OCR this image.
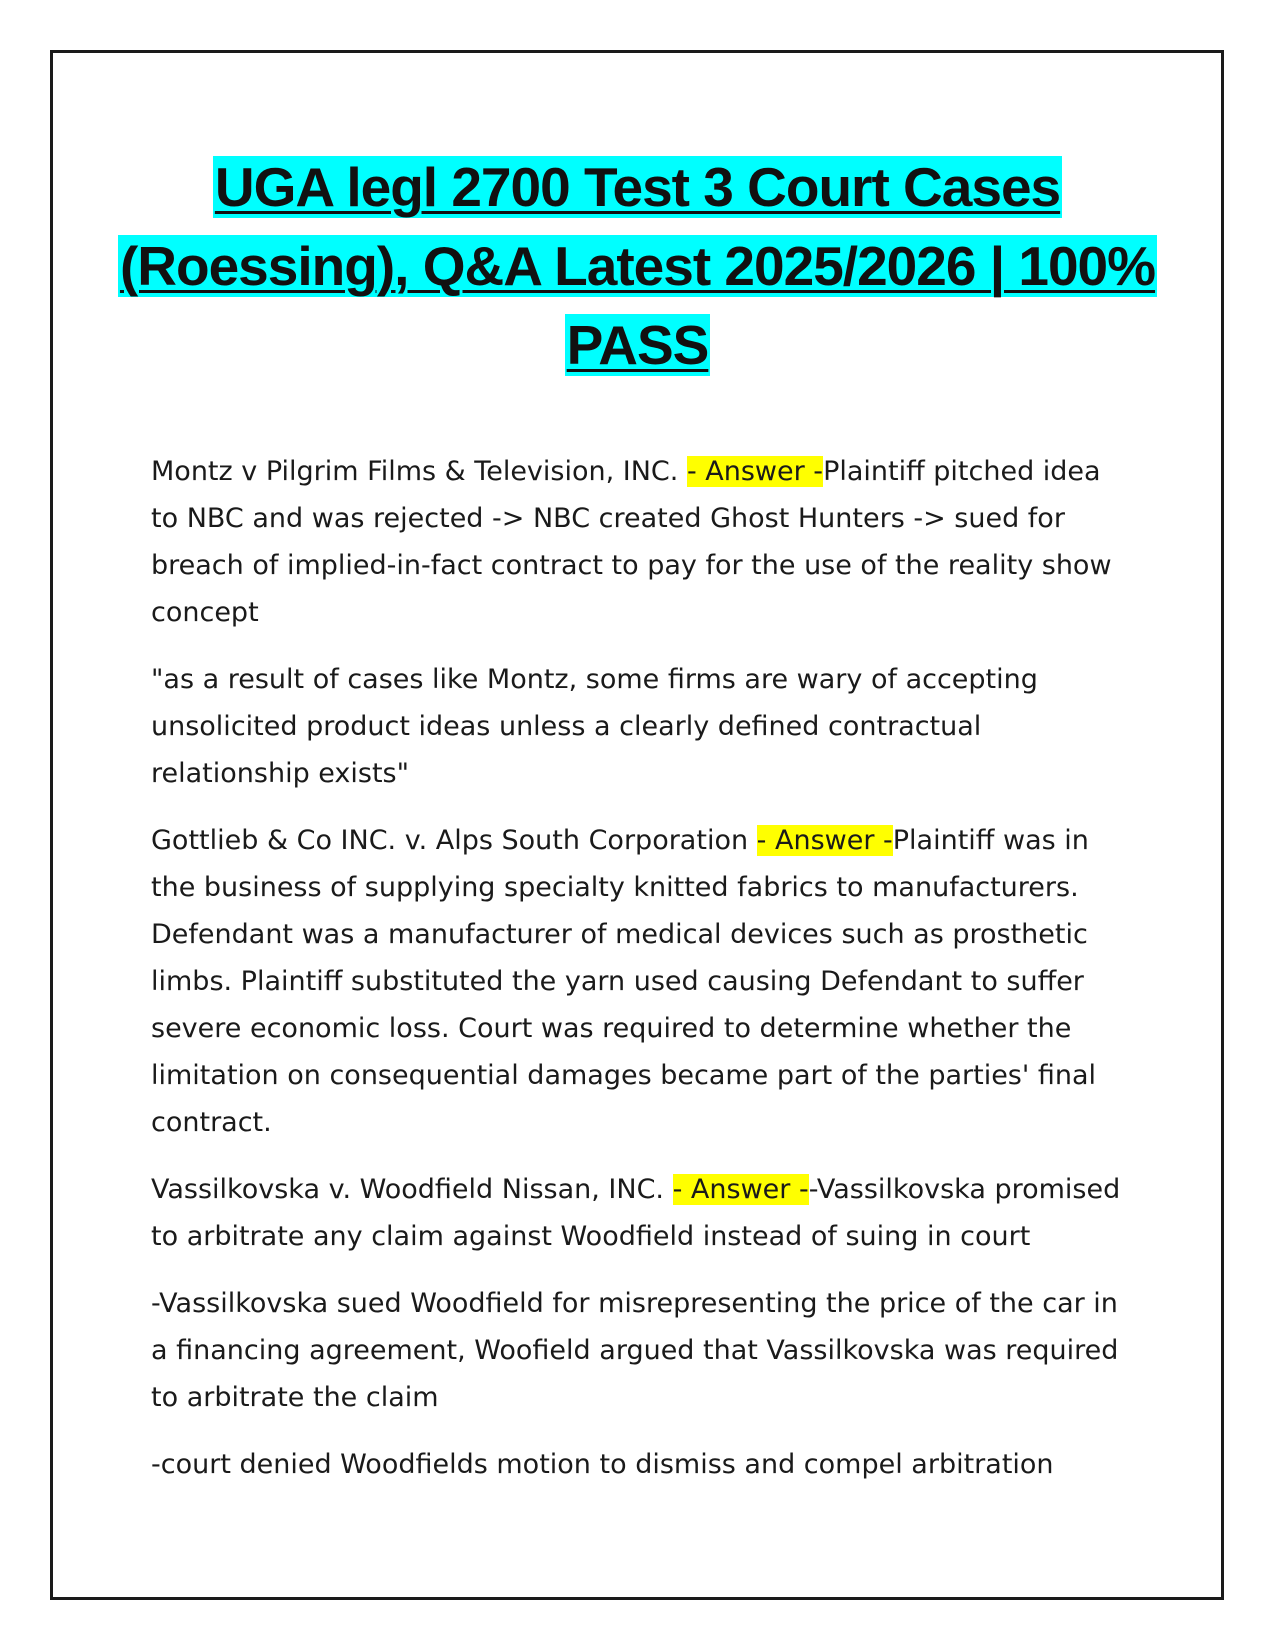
UGA legl 2700 Test 3 Court Cases (Roessing), Q&A Latest 2025/2026 | 100% PASS

Montz v Pilgrim Films & Television, INC. - Answer -Plaintiff pitched idea to NBC and was rejected -> NBC created Ghost Hunters -> sued for breach of implied-in-fact contract to pay for the use of the reality show concept

"as a result of cases like Montz, some firms are wary of accepting unsolicited product ideas unless a clearly defined contractual relationship exists"

Gottlieb & Co INC. v. Alps South Corporation - Answer -Plaintiff was in the business of supplying specialty knitted fabrics to manufacturers. Defendant was a manufacturer of medical devices such as prosthetic limbs. Plaintiff substituted the yarn used causing Defendant to suffer severe economic loss. Court was required to determine whether the limitation on consequential damages became part of the parties' final contract.

Vassilkovska v. Woodfield Nissan, INC. - Answer --Vassilkovska promised to arbitrate any claim against Woodfield instead of suing in court

-Vassilkovska sued Woodfield for misrepresenting the price of the car in a financing agreement, Woofield argued that Vassilkovska was required to arbitrate the claim

-court denied Woodfields motion to dismiss and compel arbitration
